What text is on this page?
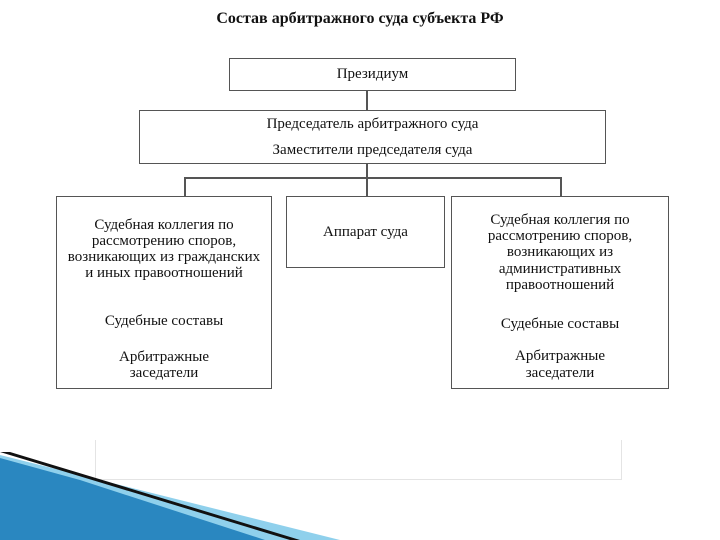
Состав арбитражного суда субъекта РФ
Президиум
Председатель арбитражного суда
Заместители председателя суда
Судебная коллегия по рассмотрению споров, возникающих из гражданских и иных правоотношений
Судебные составы
Арбитражные заседатели
Аппарат суда
Судебная коллегия по рассмотрению споров, возникающих из административных правоотношений
Судебные составы
Арбитражные заседатели
